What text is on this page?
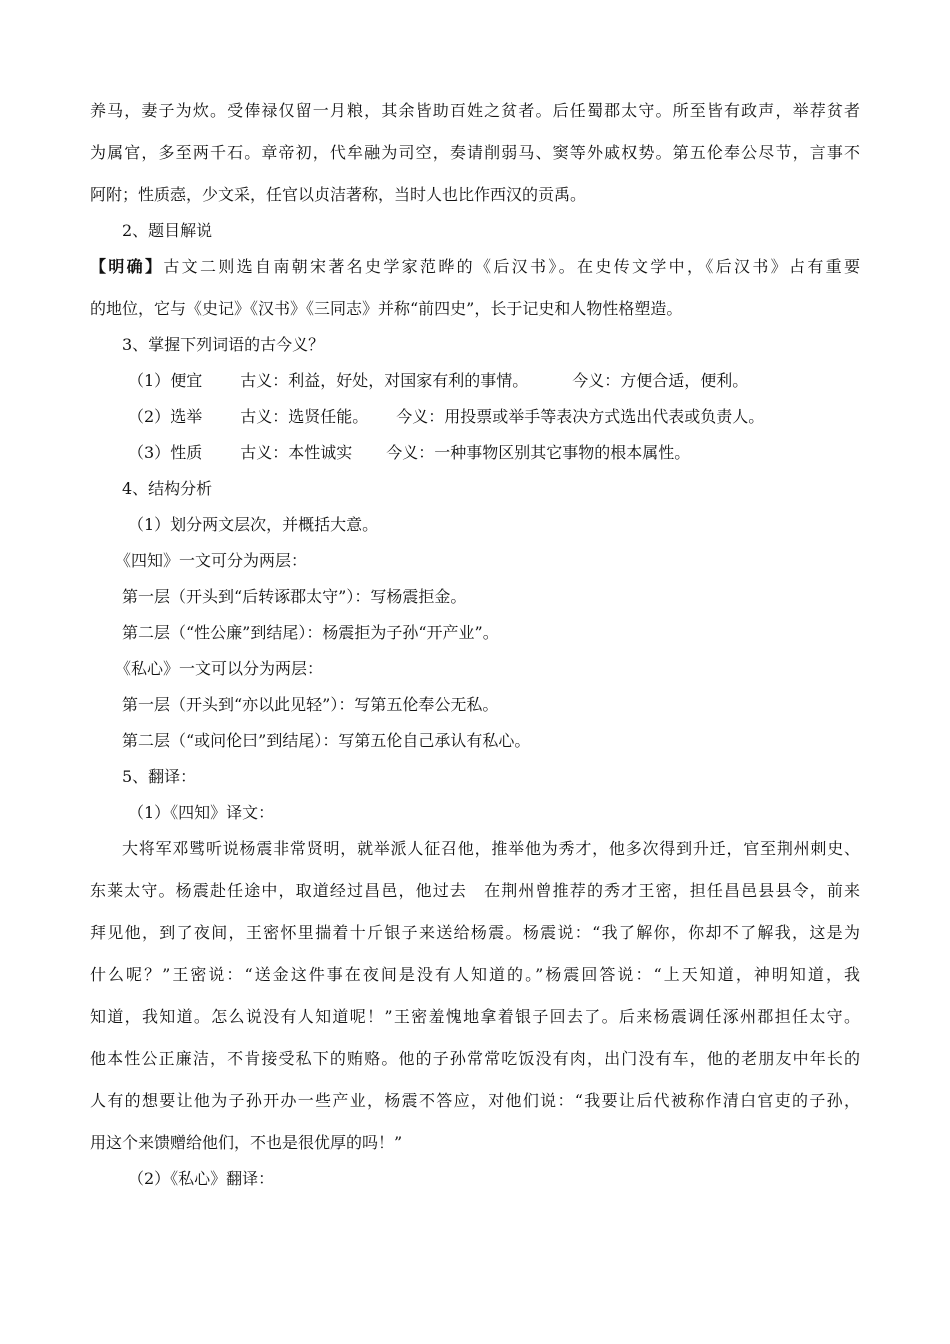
养马，妻子为炊。受俸禄仅留一月粮，其余皆助百姓之贫者。后任蜀郡太守。所至皆有政声，举荐贫者
为属官，多至两千石。章帝初，代牟融为司空，奏请削弱马、窦等外戚权势。第五伦奉公尽节，言事不
阿附；性质悫，少文采，任官以贞洁著称，当时人也比作西汉的贡禹。
2、题目解说
【明确】古文二则选自南朝宋著名史学家范晔的《后汉书》。在史传文学中，《后汉书》占有重要
的地位，它与《史记》《汉书》《三同志》并称“前四史”，长于记史和人物性格塑造。
3、掌握下列词语的古今义？
（1）便宜 古义：利益，好处，对国家有利的事情。	今义：方便合适，便利。
（2）选举 古义：选贤任能。 今义：用投票或举手等表决方式选出代表或负责人。
（3）性质 古义：本性诚实 今义：一种事物区别其它事物的根本属性。
4、结构分析
（1）划分两文层次，并概括大意。
《四知》一文可分为两层：
第一层（开头到“后转诼郡太守”）：写杨震拒金。
第二层（“性公廉”到结尾）：杨震拒为子孙“开产业”。
《私心》一文可以分为两层：
第一层（开头到“亦以此见轻”）：写第五伦奉公无私。
第二层（“或问伦曰”到结尾）：写第五伦自己承认有私心。
5、翻译：
（1）《四知》译文：
大将军邓骘听说杨震非常贤明，就举派人征召他，推举他为秀才，他多次得到升迁，官至荆州刺史、
东莱太守。杨震赴任途中，取道经过昌邑，他过去　在荆州曾推荐的秀才王密，担任昌邑县县令，前来
拜见他，到了夜间，王密怀里揣着十斤银子来送给杨震。杨震说：“我了解你，你却不了解我，这是为
什么呢？”王密说：“送金这件事在夜间是没有人知道的。”杨震回答说：“上天知道，神明知道，我
知道，我知道。怎么说没有人知道呢！”王密羞愧地拿着银子回去了。后来杨震调任涿州郡担任太守。
他本性公正廉洁，不肯接受私下的贿赂。他的子孙常常吃饭没有肉，出门没有车，他的老朋友中年长的
人有的想要让他为子孙开办一些产业，杨震不答应，对他们说：“我要让后代被称作清白官吏的子孙，
用这个来馈赠给他们，不也是很优厚的吗！”
（2）《私心》翻译：
